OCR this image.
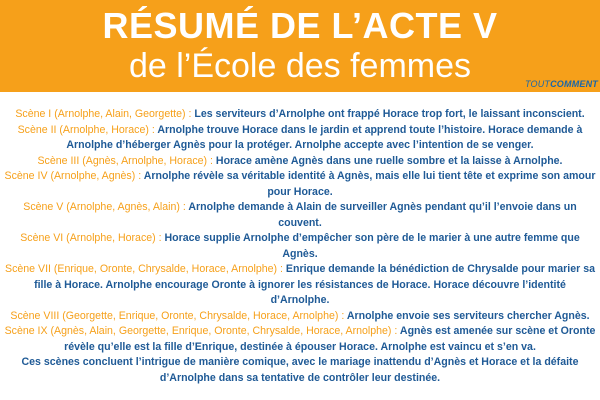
RÉSUMÉ DE L’ACTE V
de l’École des femmes	TOUTCOMMENT

Scène I (Arnolphe, Alain, Georgette) : Les serviteurs d’Arnolphe ont frappé Horace trop fort, le laissant inconscient.

Scène II (Arnolphe, Horace) : Arnolphe trouve Horace dans le jardin et apprend toute l’histoire. Horace demande à Arnolphe d’héberger Agnès pour la protéger. Arnolphe accepte avec l’intention de se venger.

Scène III (Agnès, Arnolphe, Horace) : Horace amène Agnès dans une ruelle sombre et la laisse à Arnolphe.

Scène IV (Arnolphe, Agnès) : Arnolphe révèle sa véritable identité à Agnès, mais elle lui tient tête et exprime son amour pour Horace.

Scène V (Arnolphe, Agnès, Alain) : Arnolphe demande à Alain de surveiller Agnès pendant qu’il l’envoie dans un couvent.

Scène VI (Arnolphe, Horace) : Horace supplie Arnolphe d’empêcher son père de le marier à une autre femme que Agnès.

Scène VII (Enrique, Oronte, Chrysalde, Horace, Arnolphe) : Enrique demande la bénédiction de Chrysalde pour marier sa fille à Horace. Arnolphe encourage Oronte à ignorer les résistances de Horace. Horace découvre l’identité d’Arnolphe.

Scène VIII (Georgette, Enrique, Oronte, Chrysalde, Horace, Arnolphe) : Arnolphe envoie ses serviteurs chercher Agnès.

Scène IX (Agnès, Alain, Georgette, Enrique, Oronte, Chrysalde, Horace, Arnolphe) : Agnès est amenée sur scène et Oronte révèle qu’elle est la fille d’Enrique, destinée à épouser Horace. Arnolphe est vaincu et s’en va.

Ces scènes concluent l’intrigue de manière comique, avec le mariage inattendu d’Agnès et Horace et la défaite d’Arnolphe dans sa tentative de contrôler leur destinée.
